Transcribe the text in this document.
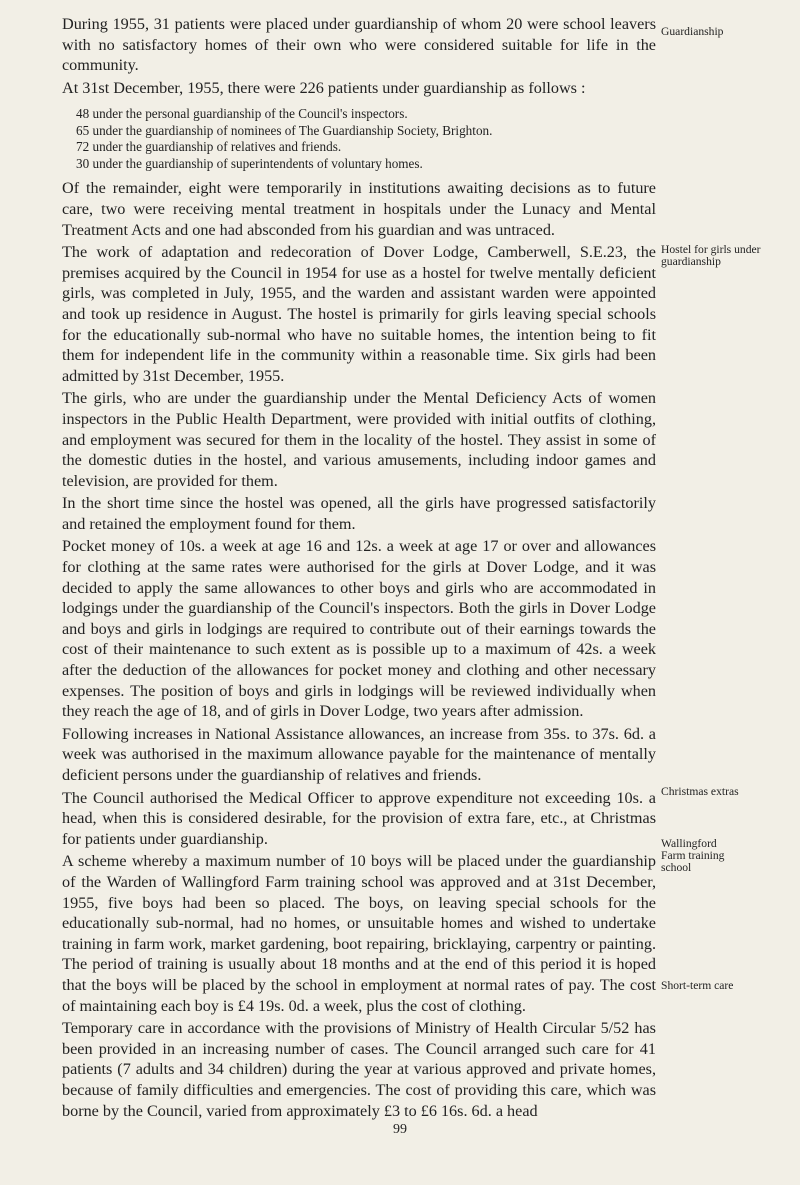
During 1955, 31 patients were placed under guardianship of whom 20 were school leavers with no satisfactory homes of their own who were considered suitable for life in the community.

At 31st December, 1955, there were 226 patients under guardianship as follows :

48 under the personal guardianship of the Council's inspectors.
65 under the guardianship of nominees of The Guardianship Society, Brighton.
72 under the guardianship of relatives and friends.
30 under the guardianship of superintendents of voluntary homes.

Of the remainder, eight were temporarily in institutions awaiting decisions as to future care, two were receiving mental treatment in hospitals under the Lunacy and Mental Treatment Acts and one had absconded from his guardian and was untraced.

The work of adaptation and redecoration of Dover Lodge, Camberwell, S.E.23, the premises acquired by the Council in 1954 for use as a hostel for twelve mentally deficient girls, was completed in July, 1955, and the warden and assistant warden were appointed and took up residence in August. The hostel is primarily for girls leaving special schools for the educationally sub-normal who have no suitable homes, the intention being to fit them for independent life in the community within a reasonable time. Six girls had been admitted by 31st December, 1955.

The girls, who are under the guardianship under the Mental Deficiency Acts of women inspectors in the Public Health Department, were provided with initial outfits of clothing, and employment was secured for them in the locality of the hostel. They assist in some of the domestic duties in the hostel, and various amusements, including indoor games and television, are provided for them.

In the short time since the hostel was opened, all the girls have progressed satisfactorily and retained the employment found for them.

Pocket money of 10s. a week at age 16 and 12s. a week at age 17 or over and allowances for clothing at the same rates were authorised for the girls at Dover Lodge, and it was decided to apply the same allowances to other boys and girls who are accommodated in lodgings under the guardianship of the Council's inspectors. Both the girls in Dover Lodge and boys and girls in lodgings are required to contribute out of their earnings towards the cost of their maintenance to such extent as is possible up to a maximum of 42s. a week after the deduction of the allowances for pocket money and clothing and other necessary expenses. The position of boys and girls in lodgings will be reviewed individually when they reach the age of 18, and of girls in Dover Lodge, two years after admission.

Following increases in National Assistance allowances, an increase from 35s. to 37s. 6d. a week was authorised in the maximum allowance payable for the maintenance of mentally deficient persons under the guardianship of relatives and friends.

The Council authorised the Medical Officer to approve expenditure not exceeding 10s. a head, when this is considered desirable, for the provision of extra fare, etc., at Christmas for patients under guardianship.

A scheme whereby a maximum number of 10 boys will be placed under the guardianship of the Warden of Wallingford Farm training school was approved and at 31st December, 1955, five boys had been so placed. The boys, on leaving special schools for the educationally sub-normal, had no homes, or unsuitable homes and wished to undertake training in farm work, market gardening, boot repairing, bricklaying, carpentry or painting. The period of training is usually about 18 months and at the end of this period it is hoped that the boys will be placed by the school in employment at normal rates of pay. The cost of maintaining each boy is £4 19s. 0d. a week, plus the cost of clothing.

Temporary care in accordance with the provisions of Ministry of Health Circular 5/52 has been provided in an increasing number of cases. The Council arranged such care for 41 patients (7 adults and 34 children) during the year at various approved and private homes, because of family difficulties and emergencies. The cost of providing this care, which was borne by the Council, varied from approximately £3 to £6 16s. 6d. a head

Guardianship
Hostel for girls under guardianship
Christmas extras
Wallingford Farm training school
Short-term care
99
